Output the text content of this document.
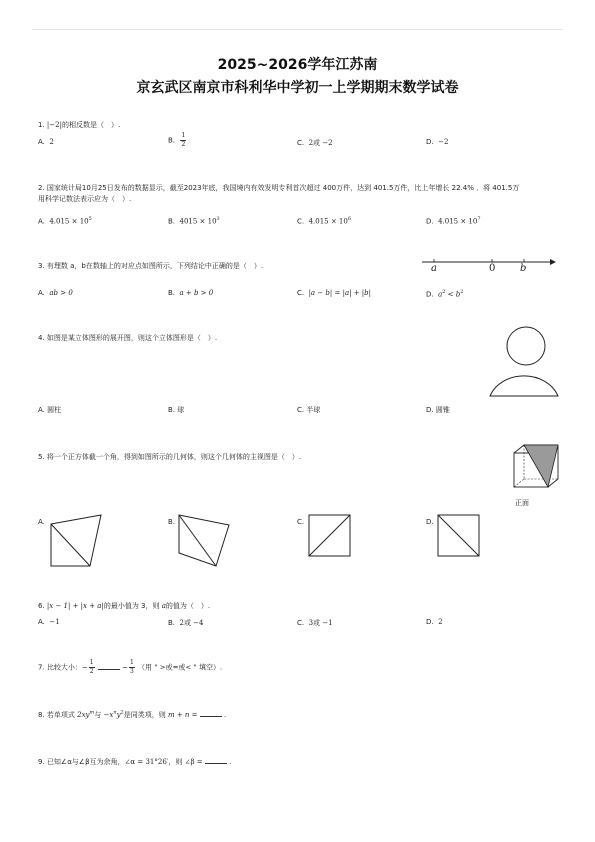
2025~2026学年江苏南
京玄武区南京市科利华中学初一上学期期末数学试卷
1. |−2|的相反数是（　）.
A. 2	B. $\frac{1}{2}$	C. 2或 −2	D. −2
2. 国家统计局10月25日发布的数据显示，截至2023年底，我国境内有效发明专利首次超过 400万件，达到 401.5万件，比上年增长 22.4% ．将 401.5万
用科学记数法表示应为（　）.
A. $4.015 \times 10^5$	B. $4015 \times 10^3$	C. $4.015 \times 10^6$	D. $4.015 \times 10^7$
3. 有理数 a，b在数轴上的对应点如图所示，下列结论中正确的是（　）.	a	0 b
A. ab > 0	B. a + b > 0	C. |a − b| = |a| + |b|	D. $a^2 < b^2$
4. 如图是某立体图形的展开图，则这个立体图形是（　）.
A. 圆柱	B. 球	C. 半球	D. 圆锥
5. 将一个正方体截一个角，得到如图所示的几何体，则这个几何体的主视图是（　）.
正面
A.	B.	C.	D.
6. |x − 1| + |x + a|的最小值为 3，则 a的值为（　）.
A. −1	B. 2或 −4	C. 3或 −1	D. 2
7. 比较大小：− $\frac{1}{2}$	− $\frac{1}{3}$ （用 " >或=或< " 填空）.
8. 若单项式 $2xy^m$与 $-x^ny^2$是同类项，则 m + n =	.
9. 已知∠α与∠β互为余角，∠α = 31°26′，则 ∠β =	.
